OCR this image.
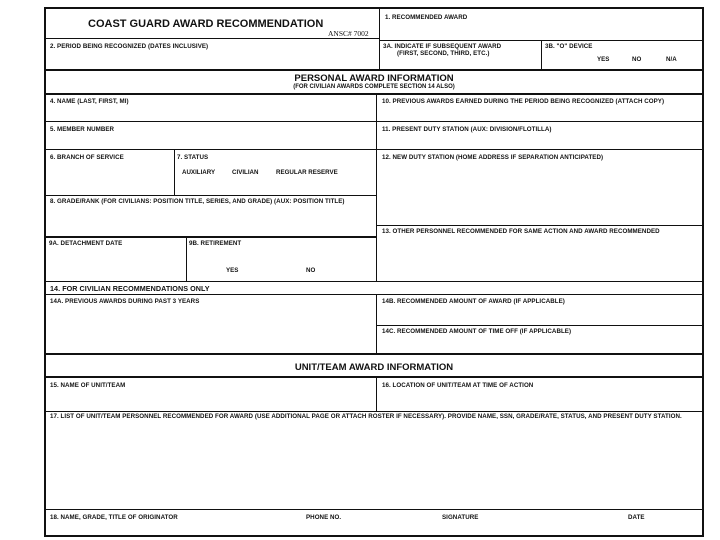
COAST GUARD AWARD RECOMMENDATION
ANSC# 7002
1. RECOMMENDED AWARD
2. PERIOD BEING RECOGNIZED (DATES INCLUSIVE)	3A. INDICATE IF SUBSEQUENT AWARD
(FIRST, SECOND, THIRD, ETC.)
3B. "O" DEVICE
YES	NO	N/A
PERSONAL AWARD INFORMATION
(FOR CIVILIAN AWARDS COMPLETE SECTION 14 ALSO)
4. NAME (LAST, FIRST, MI)
5. MEMBER NUMBER
6. BRANCH OF SERVICE	7. STATUS
AUXILIARY	CIVILIAN	REGULAR RESERVE
8. GRADE/RANK (FOR CIVILIANS: POSITION TITLE, SERIES, AND GRADE) (AUX: POSITION TITLE)
9A. DETACHMENT DATE	9B. RETIREMENT
YES	NO
10. PREVIOUS AWARDS EARNED DURING THE PERIOD BEING RECOGNIZED (ATTACH COPY)
11. PRESENT DUTY STATION (AUX: DIVISION/FLOTILLA)
12. NEW DUTY STATION (HOME ADDRESS IF SEPARATION ANTICIPATED)
13. OTHER PERSONNEL RECOMMENDED FOR SAME ACTION AND AWARD RECOMMENDED
14. FOR CIVILIAN RECOMMENDATIONS ONLY
14A. PREVIOUS AWARDS DURING PAST 3 YEARS	14B. RECOMMENDED AMOUNT OF AWARD (IF APPLICABLE)
14C. RECOMMENDED AMOUNT OF TIME OFF (IF APPLICABLE)
UNIT/TEAM AWARD INFORMATION
15. NAME OF UNIT/TEAM	16. LOCATION OF UNIT/TEAM AT TIME OF ACTION
17. LIST OF UNIT/TEAM PERSONNEL RECOMMENDED FOR AWARD (USE ADDITIONAL PAGE OR ATTACH ROSTER IF NECESSARY). PROVIDE NAME, SSN, GRADE/RATE, STATUS, AND PRESENT DUTY STATION.
18. NAME, GRADE, TITLE OF ORIGINATOR	PHONE NO.	SIGNATURE	DATE
